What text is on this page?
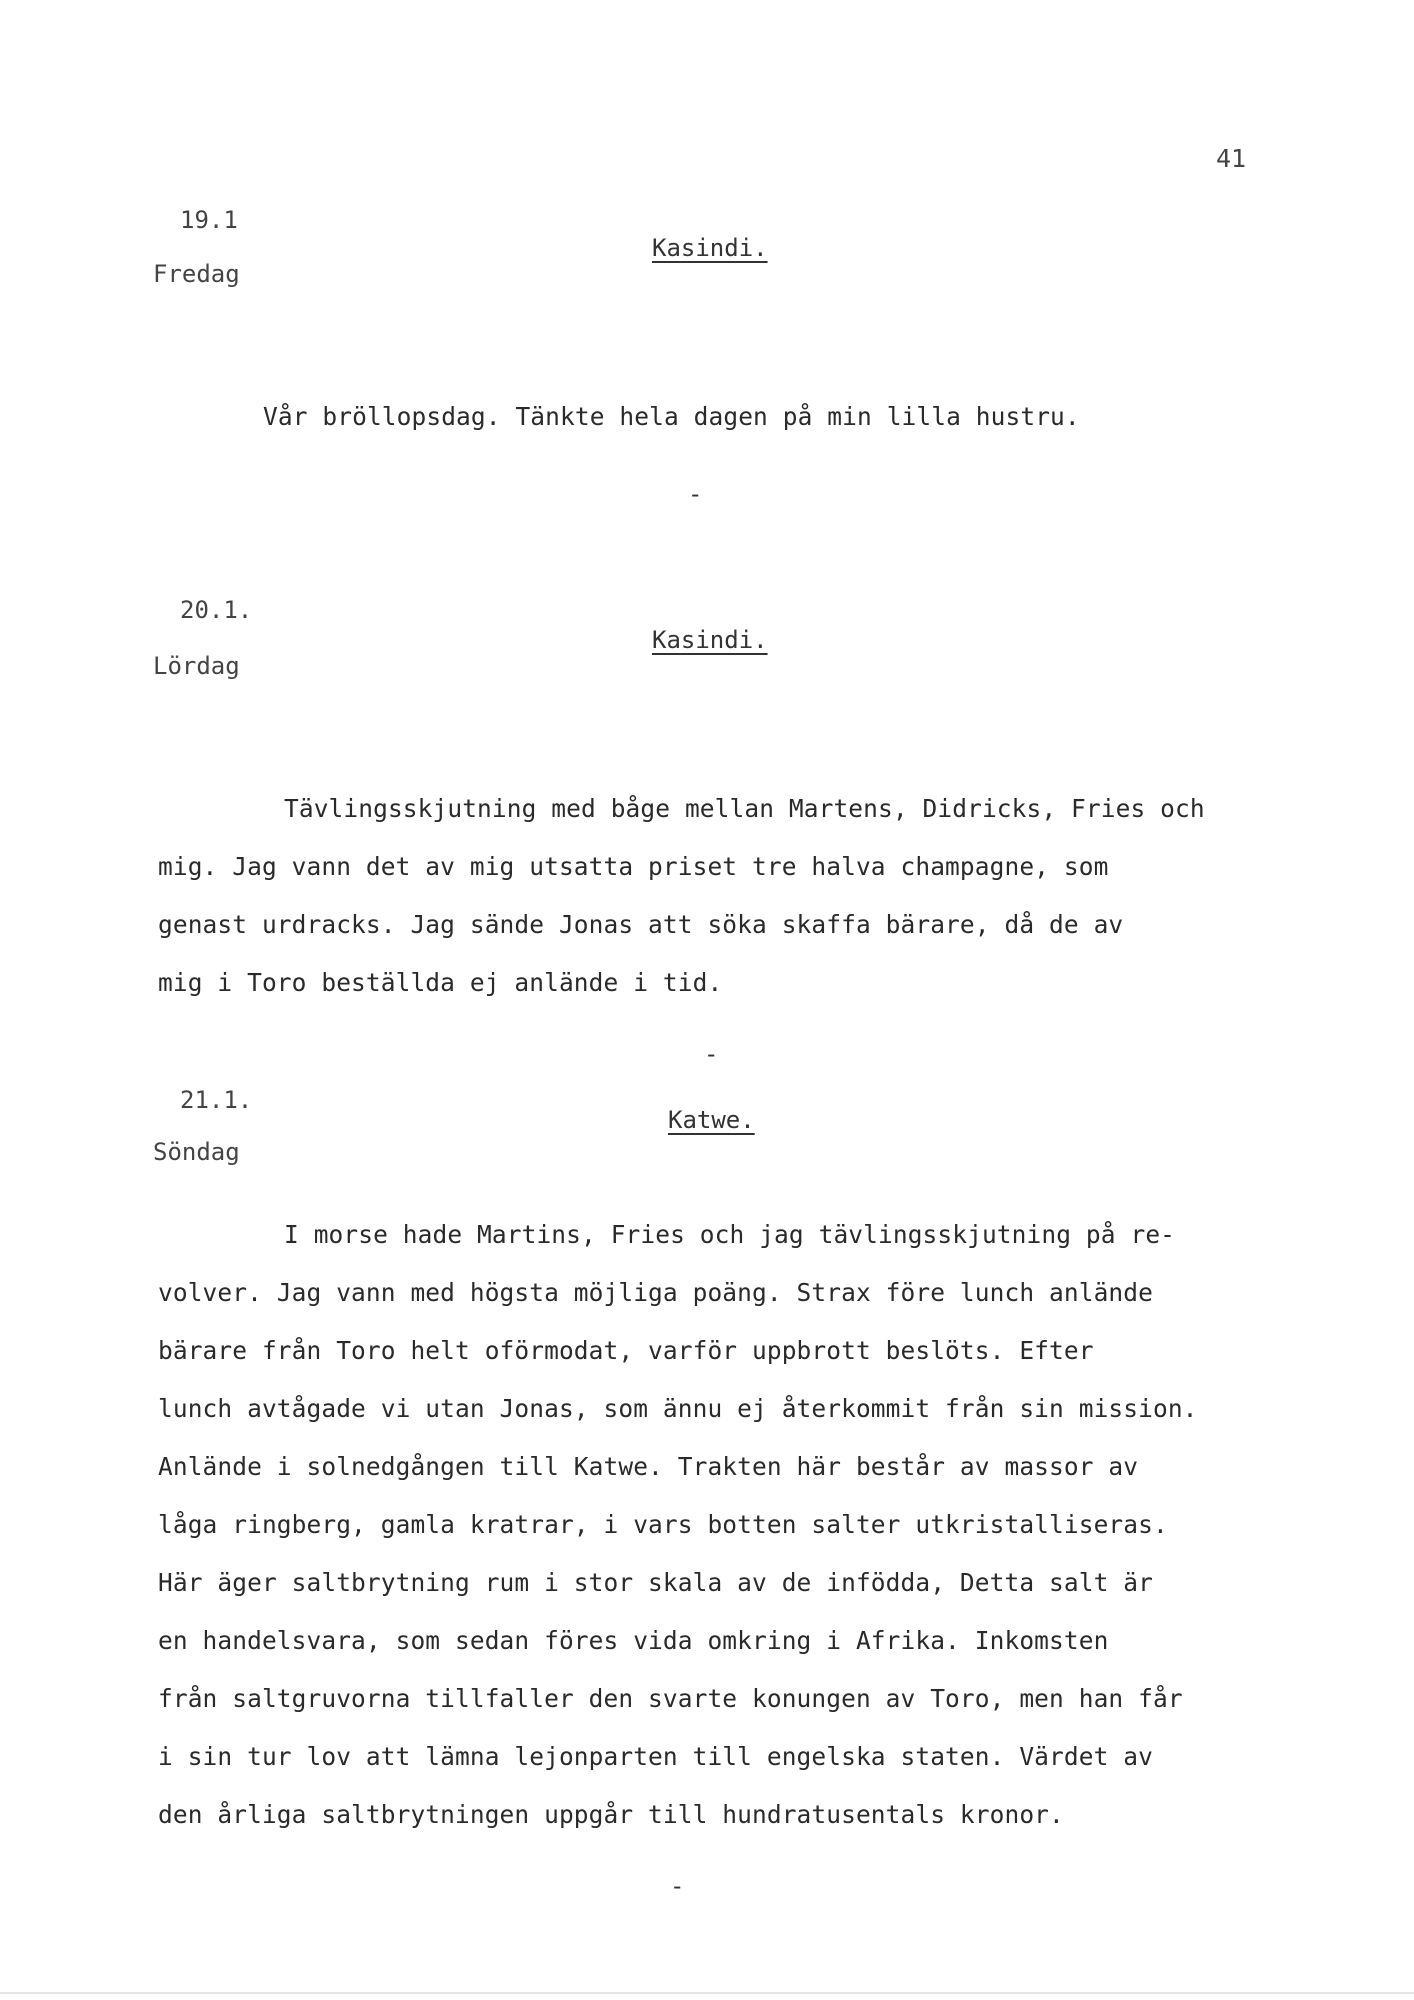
41
19.1
Fredag
Kasindi.
Vår bröllopsdag. Tänkte hela dagen på min lilla hustru.
-
20.1.
Lördag
Kasindi.
Tävlingsskjutning med båge mellan Martens, Didricks, Fries och
mig. Jag vann det av mig utsatta priset tre halva champagne, som
genast urdracks. Jag sände Jonas att söka skaffa bärare, då de av
mig i Toro beställda ej anlände i tid.
-
21.1.
Söndag
Katwe.
I morse hade Martins, Fries och jag tävlingsskjutning på re-
volver. Jag vann med högsta möjliga poäng. Strax före lunch anlände
bärare från Toro helt oförmodat, varför uppbrott beslöts. Efter
lunch avtågade vi utan Jonas, som ännu ej återkommit från sin mission.
Anlände i solnedgången till Katwe. Trakten här består av massor av
låga ringberg, gamla kratrar, i vars botten salter utkristalliseras.
Här äger saltbrytning rum i stor skala av de infödda, Detta salt är
en handelsvara, som sedan föres vida omkring i Afrika. Inkomsten
från saltgruvorna tillfaller den svarte konungen av Toro, men han får
i sin tur lov att lämna lejonparten till engelska staten. Värdet av
den årliga saltbrytningen uppgår till hundratusentals kronor.
-
